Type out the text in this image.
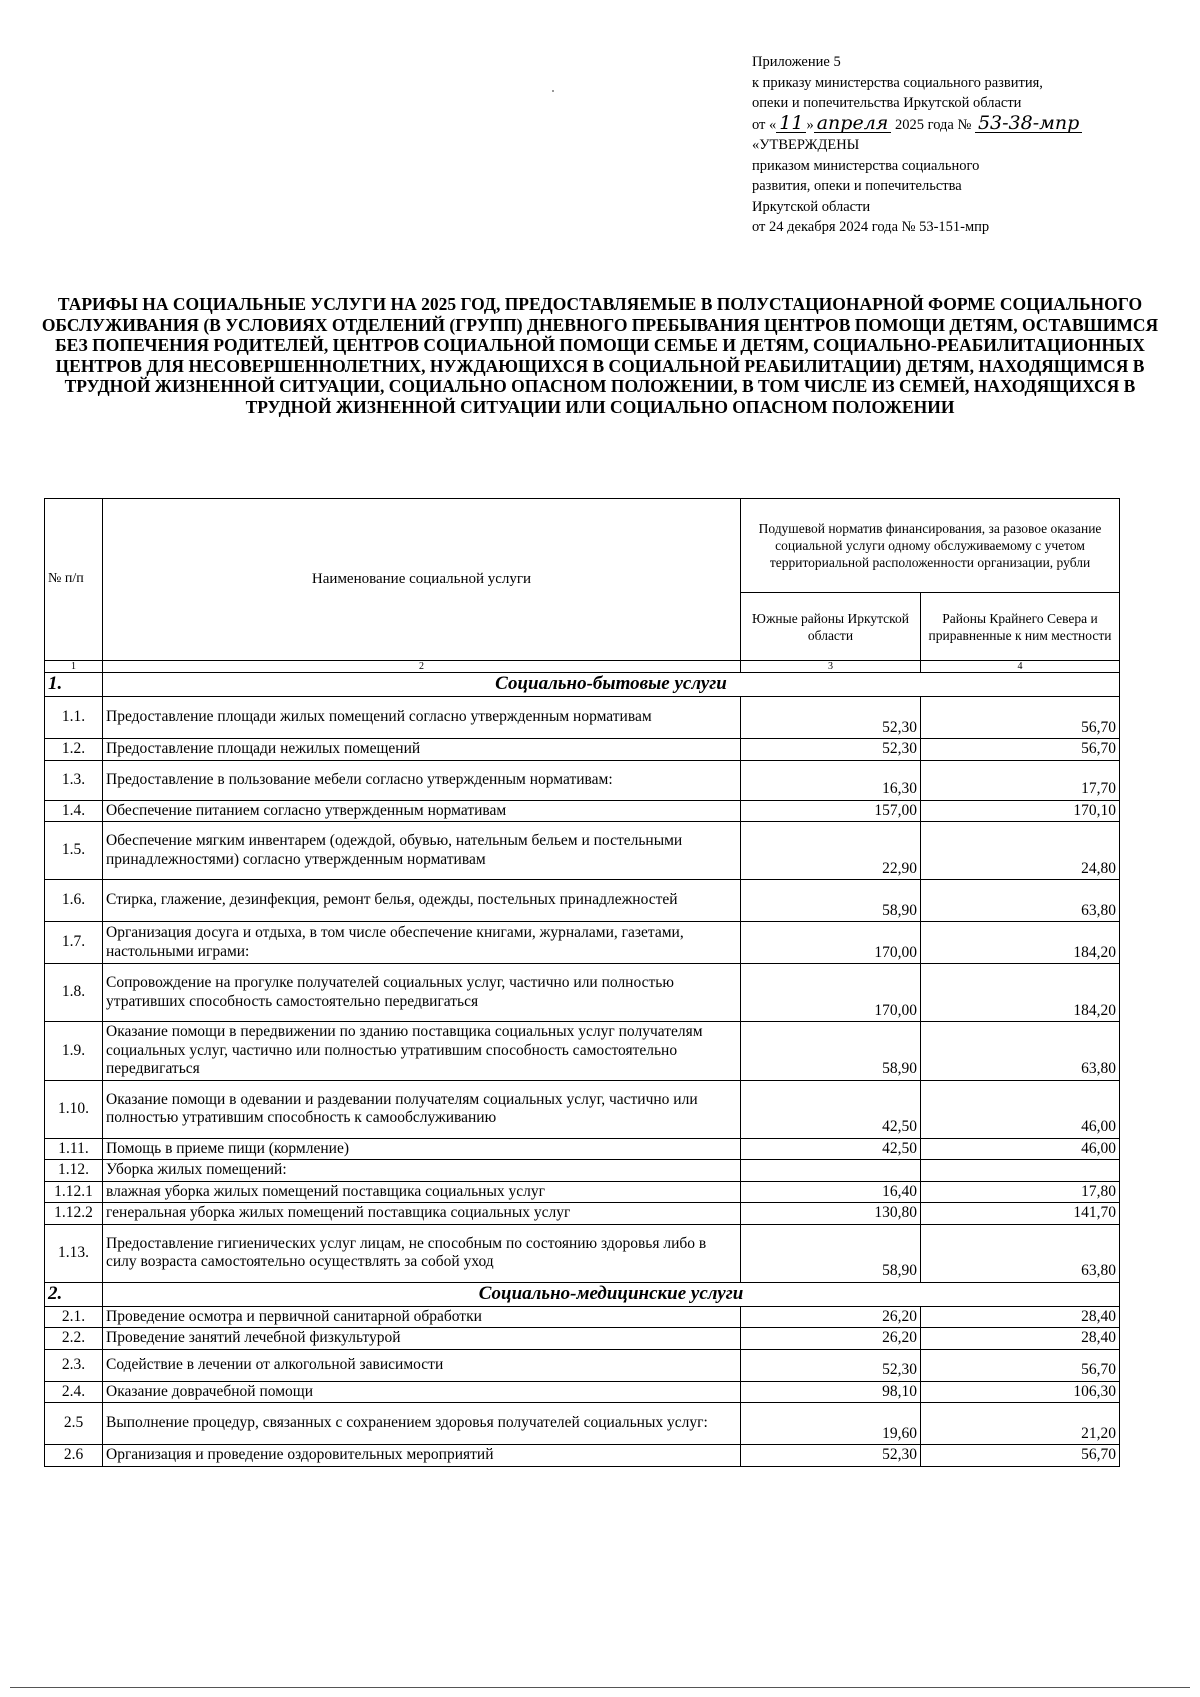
Приложение 5
к приказу министерства социального развития,
опеки и попечительства Иркутской области
от « 11 » апреля 2025 года № 53-38-мпр
«УТВЕРЖДЕНЫ
приказом министерства социального
развития, опеки и попечительства
Иркутской области
от 24 декабря 2024 года № 53-151-мпр
ТАРИФЫ НА СОЦИАЛЬНЫЕ УСЛУГИ НА 2025 ГОД, ПРЕДОСТАВЛЯЕМЫЕ В ПОЛУСТАЦИОНАРНОЙ ФОРМЕ СОЦИАЛЬНОГО ОБСЛУЖИВАНИЯ (В УСЛОВИЯХ ОТДЕЛЕНИЙ (ГРУПП) ДНЕВНОГО ПРЕБЫВАНИЯ ЦЕНТРОВ ПОМОЩИ ДЕТЯМ, ОСТАВШИМСЯ БЕЗ ПОПЕЧЕНИЯ РОДИТЕЛЕЙ, ЦЕНТРОВ СОЦИАЛЬНОЙ ПОМОЩИ СЕМЬЕ И ДЕТЯМ, СОЦИАЛЬНО-РЕАБИЛИТАЦИОННЫХ ЦЕНТРОВ ДЛЯ НЕСОВЕРШЕННОЛЕТНИХ, НУЖДАЮЩИХСЯ В СОЦИАЛЬНОЙ РЕАБИЛИТАЦИИ) ДЕТЯМ, НАХОДЯЩИМСЯ В ТРУДНОЙ ЖИЗНЕННОЙ СИТУАЦИИ, СОЦИАЛЬНО ОПАСНОМ ПОЛОЖЕНИИ, В ТОМ ЧИСЛЕ ИЗ СЕМЕЙ, НАХОДЯЩИХСЯ В ТРУДНОЙ ЖИЗНЕННОЙ СИТУАЦИИ ИЛИ СОЦИАЛЬНО ОПАСНОМ ПОЛОЖЕНИИ
№ п/п	Наименование социальной услуги	Подушевой норматив финансирования, за разовое оказание социальной услуги одному обслуживаемому с учетом территориальной расположенности организации, рубли	
		Южные районы Иркутской области	Районы Крайнего Севера и приравненные к ним местности
1	2	3	4
1.	Социально-бытовые услуги		
1.1.	Предоставление площади жилых помещений согласно утвержденным нормативам	52,30	56,70
1.2.	Предоставление площади нежилых помещений	52,30	56,70
1.3.	Предоставление в пользование мебели согласно утвержденным нормативам:	16,30	17,70
1.4.	Обеспечение питанием согласно утвержденным нормативам	157,00	170,10
1.5.	Обеспечение мягким инвентарем (одеждой, обувью, нательным бельем и постельными принадлежностями) согласно утвержденным нормативам	22,90	24,80
1.6.	Стирка, глажение, дезинфекция, ремонт белья, одежды, постельных принадлежностей	58,90	63,80
1.7.	Организация досуга и отдыха, в том числе обеспечение книгами, журналами, газетами, настольными играми:	170,00	184,20
1.8.	Сопровождение на прогулке получателей социальных услуг, частично или полностью утративших способность самостоятельно передвигаться	170,00	184,20
1.9.	Оказание помощи в передвижении по зданию поставщика социальных услуг получателям социальных услуг, частично или полностью утратившим способность самостоятельно передвигаться	58,90	63,80
1.10.	Оказание помощи в одевании и раздевании получателям социальных услуг, частично или полностью утратившим способность к самообслуживанию	42,50	46,00
1.11.	Помощь в приеме пищи (кормление)	42,50	46,00
1.12.	Уборка жилых помещений:		
1.12.1	влажная уборка жилых помещений поставщика социальных услуг	16,40	17,80
1.12.2	генеральная уборка жилых помещений поставщика социальных услуг	130,80	141,70
1.13.	Предоставление гигиенических услуг лицам, не способным по состоянию здоровья либо в силу возраста самостоятельно осуществлять за собой уход	58,90	63,80
2.	Социально-медицинские услуги		
2.1.	Проведение осмотра и первичной санитарной обработки	26,20	28,40
2.2.	Проведение занятий лечебной физкультурой	26,20	28,40
2.3.	Содействие в лечении от алкогольной зависимости	52,30	56,70
2.4.	Оказание доврачебной помощи	98,10	106,30
2.5	Выполнение процедур, связанных с сохранением здоровья получателей социальных услуг:	19,60	21,20
2.6	Организация и проведение оздоровительных мероприятий	52,30	56,70
